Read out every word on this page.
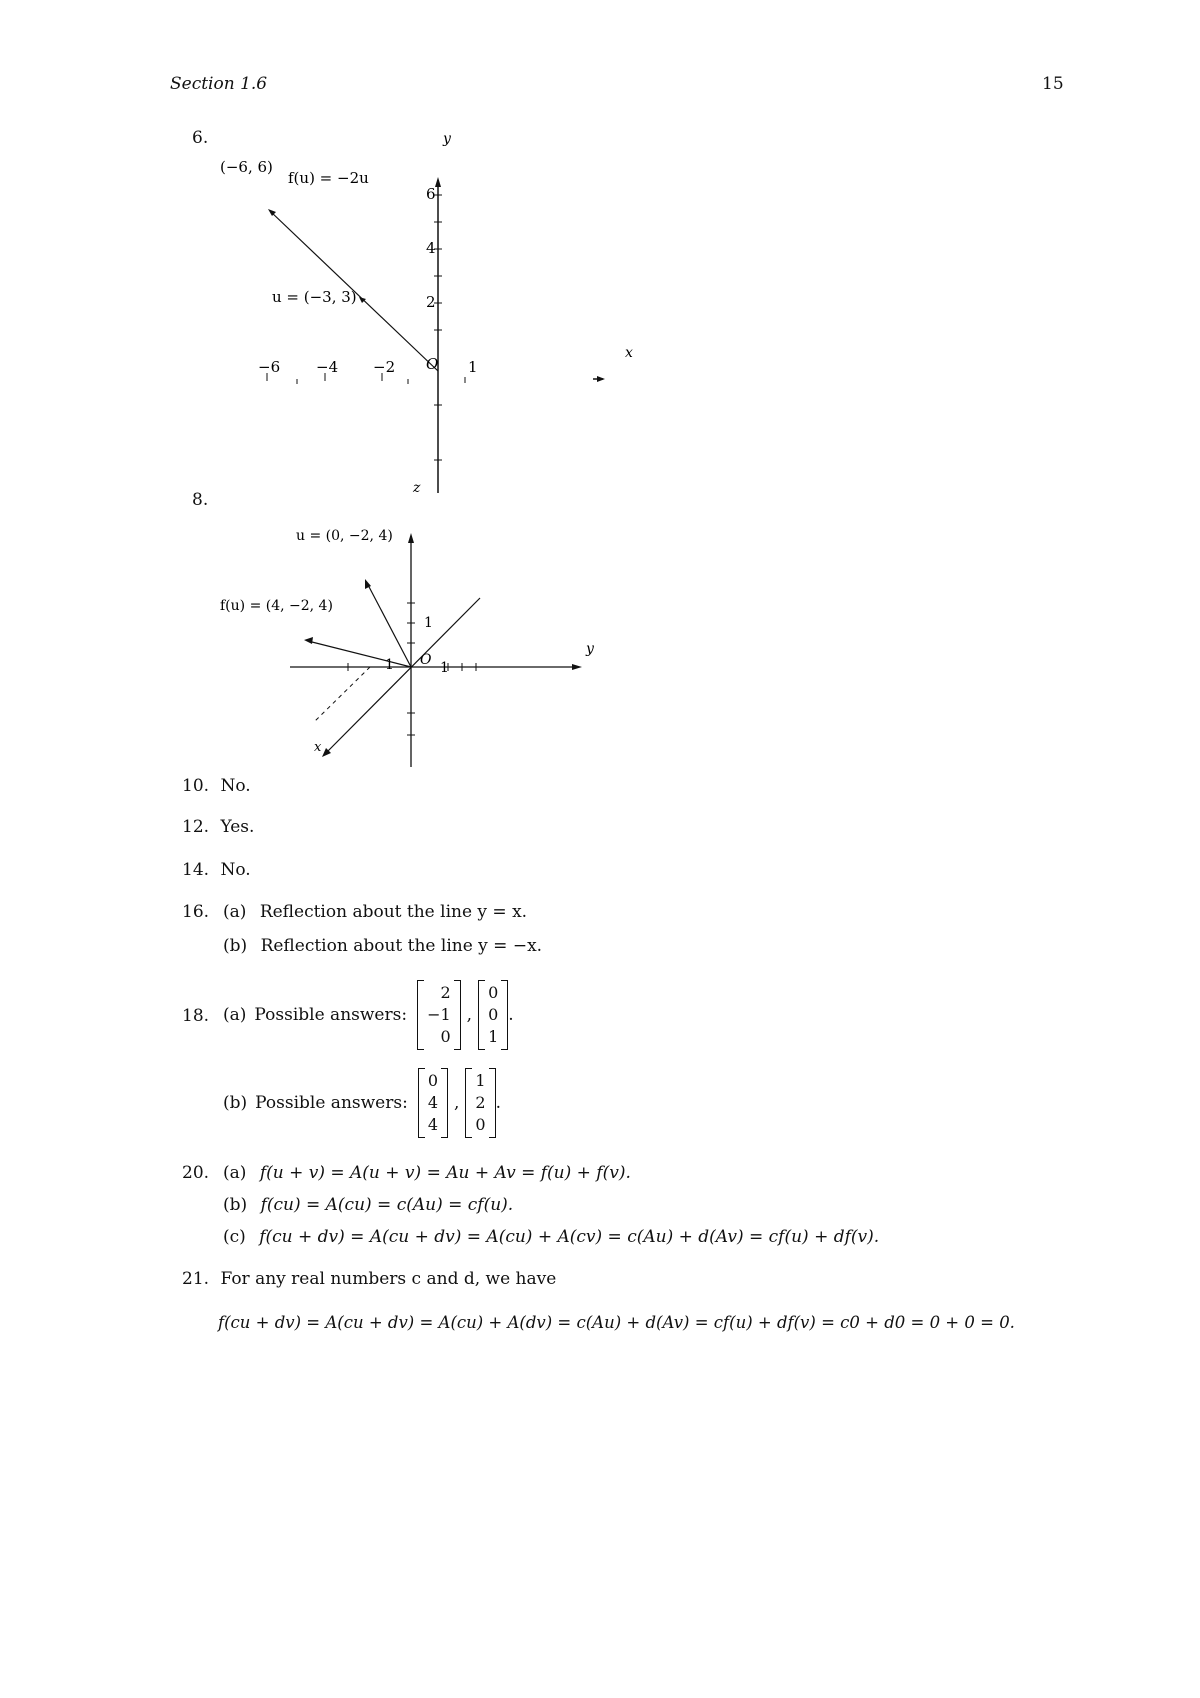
Section 1.6	15
6.	y
x
(−6, 6)
f(u) = −2u
u = (−3, 3)
O
−6 −4 −2	1
6
4
2
8.
z
y
x
u = (0, −2, 4)
f(u) = (4, −2, 4)
O
1
1	1
10. No.
12. Yes.
14. No.
16. (a) Reflection about the line y = x.
(b) Reflection about the line y = −x.
18. (a) Possible answers:
2
−1
0
,
0
0
1
.
(b) Possible answers:
0
4
4
,
1
2
0
.
20. (a) f(u + v) = A(u + v) = Au + Av = f(u) + f(v).
(b) f(cu) = A(cu) = c(Au) = cf(u).
(c) f(cu + dv) = A(cu + dv) = A(cu) + A(cv) = c(Au) + d(Av) = cf(u) + df(v).
21. For any real numbers c and d, we have
f(cu + dv) = A(cu + dv) = A(cu) + A(dv) = c(Au) + d(Av) = cf(u) + df(v) = c0 + d0 = 0 + 0 = 0.
